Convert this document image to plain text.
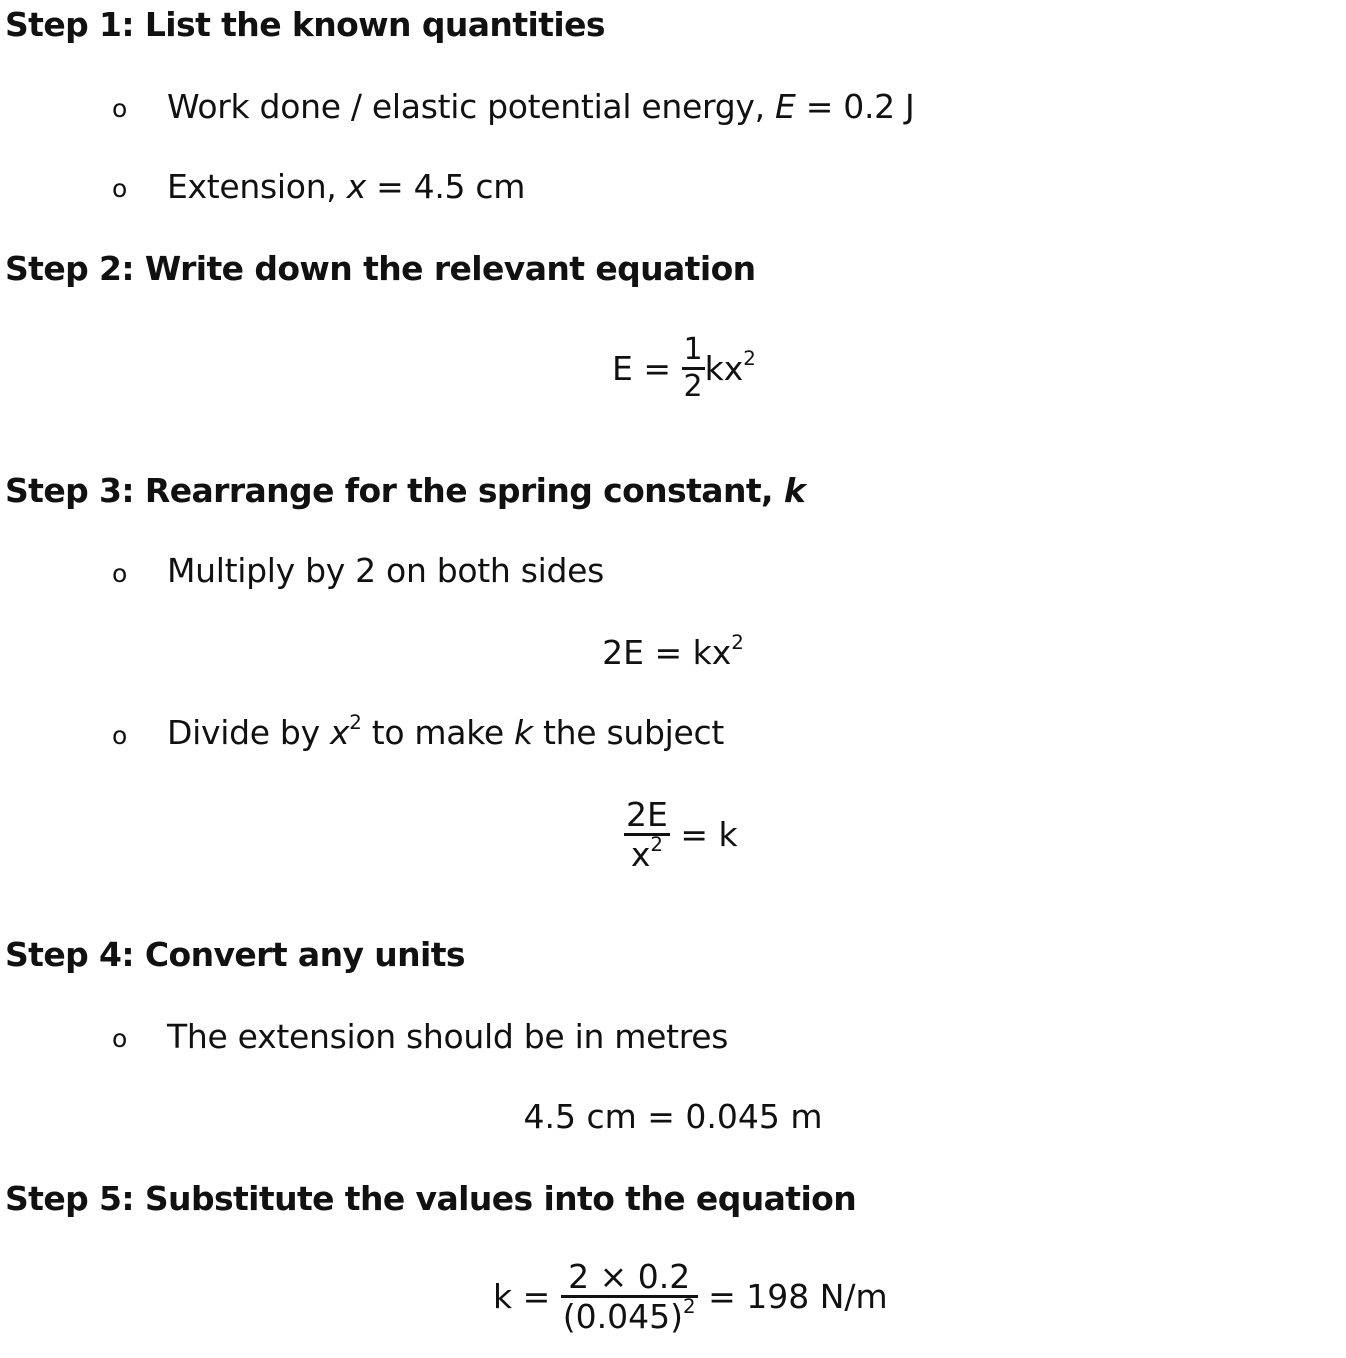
Step 1: List the known quantities
o Work done / elastic potential energy, E = 0.2 J
o Extension, x = 4.5 cm
Step 2: Write down the relevant equation
$E = \frac{1}{2} kx^2$
Step 3: Rearrange for the spring constant, k
o Multiply by 2 on both sides
$2E = kx^2$
o Divide by $x^2$ to make k the subject
$\frac{2E}{x^2} = k$
Step 4: Convert any units
o The extension should be in metres
4.5 cm = 0.045 m
Step 5: Substitute the values into the equation
$k = \frac{2 \times 0.2}{(0.045)^2} = 198$ N/m
